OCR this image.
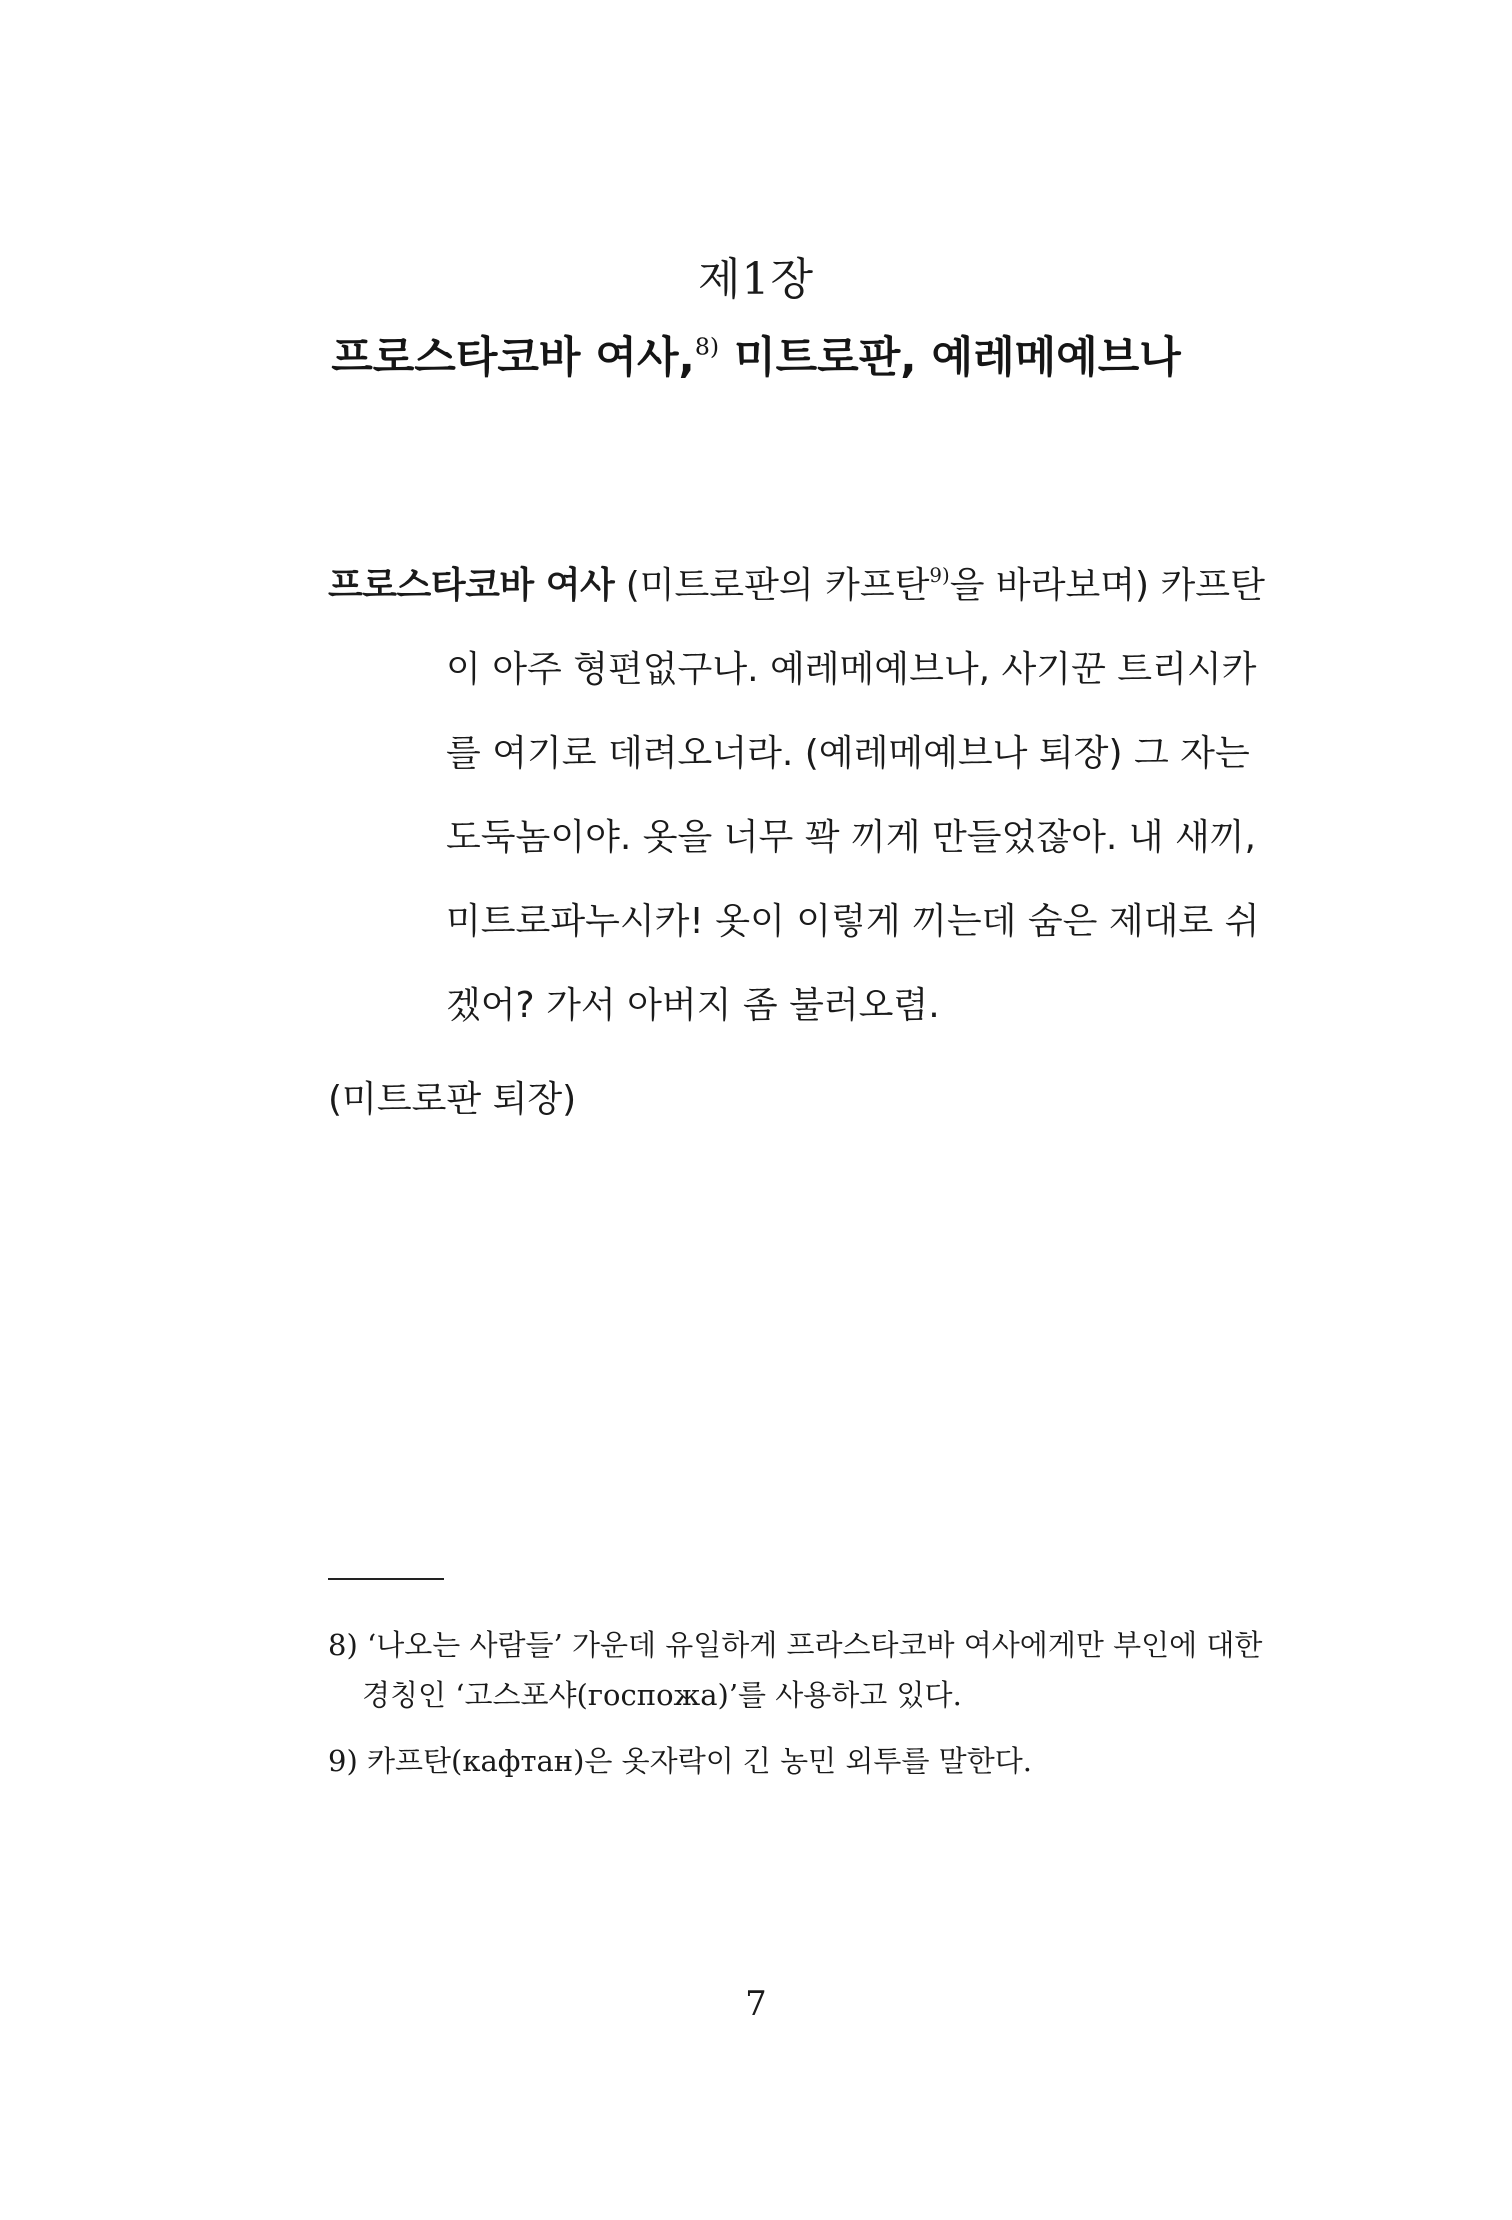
제1장
프로스타코바 여사,$^{8)}$ 미트로판, 예레메예브나

프로스타코바 여사 (미트로판의 카프탄$^{9)}$을 바라보며) 카프탄이 아주 형편없구나. 예레메예브나, 사기꾼 트리시카를 여기로 데려오너라. (예레메예브나 퇴장) 그 자는 도둑놈이야. 옷을 너무 꽉 끼게 만들었잖아. 내 새끼, 미트로파누시카! 옷이 이렇게 끼는데 숨은 제대로 쉬겠어? 가서 아버지 좀 불러오렴.

(미트로판 퇴장)

8) ‘나오는 사람들’ 가운데 유일하게 프라스타코바 여사에게만 부인에 대한 경칭인 ‘고스포샤(госпожа)’를 사용하고 있다.

9) 카프탄(кафтан)은 옷자락이 긴 농민 외투를 말한다.

7
